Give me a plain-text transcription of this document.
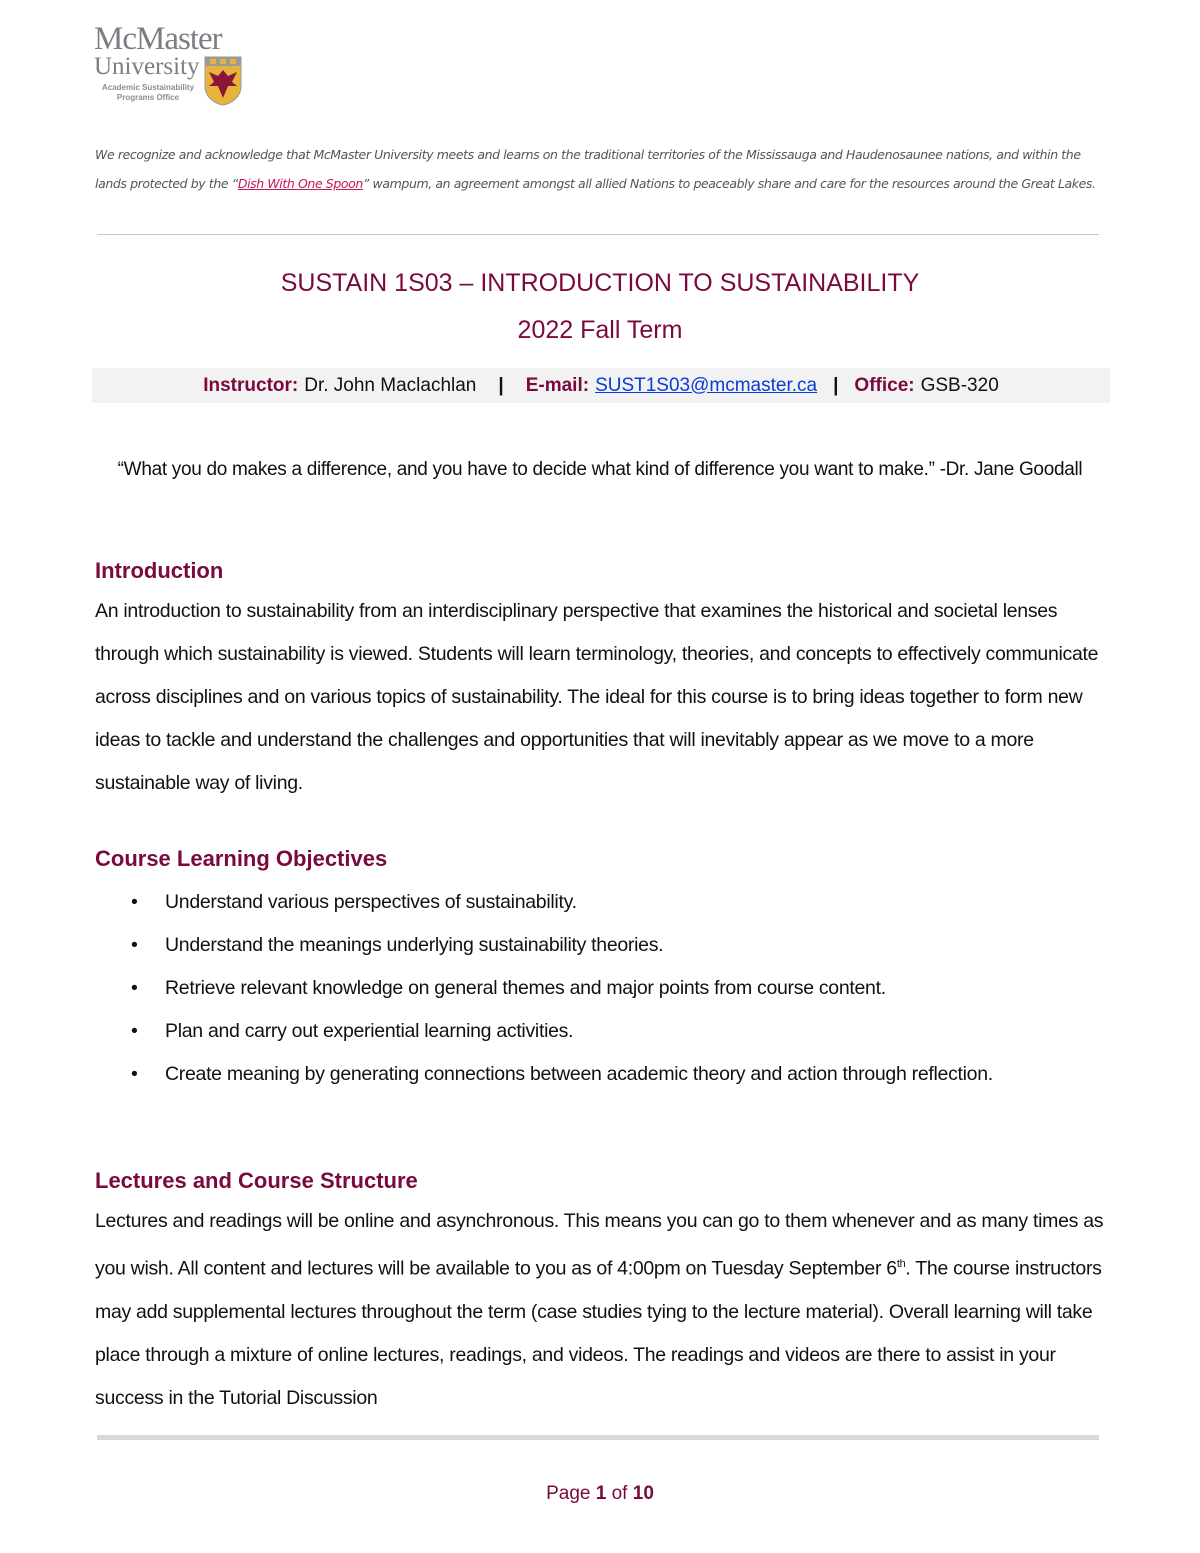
McMaster
University
Academic Sustainability
Programs Office
We recognize and acknowledge that McMaster University meets and learns on the traditional territories of the Mississauga and Haudenosaunee nations, and within the lands protected by the “Dish With One Spoon” wampum, an agreement amongst all allied Nations to peaceably share and care for the resources around the Great Lakes.
SUSTAIN 1S03 – INTRODUCTION TO SUSTAINABILITY
2022 Fall Term
Instructor: Dr. John Maclachlan | E-mail: SUST1S03@mcmaster.ca | Office: GSB-320
“What you do makes a difference, and you have to decide what kind of difference you want to make.” -Dr. Jane Goodall
Introduction
An introduction to sustainability from an interdisciplinary perspective that examines the historical and societal lenses through which sustainability is viewed. Students will learn terminology, theories, and concepts to effectively communicate across disciplines and on various topics of sustainability. The ideal for this course is to bring ideas together to form new ideas to tackle and understand the challenges and opportunities that will inevitably appear as we move to a more sustainable way of living.
Course Learning Objectives
• Understand various perspectives of sustainability.
• Understand the meanings underlying sustainability theories.
• Retrieve relevant knowledge on general themes and major points from course content.
• Plan and carry out experiential learning activities.
• Create meaning by generating connections between academic theory and action through reflection.
Lectures and Course Structure
Lectures and readings will be online and asynchronous. This means you can go to them whenever and as many times as you wish. All content and lectures will be available to you as of 4:00pm on Tuesday September 6th. The course instructors may add supplemental lectures throughout the term (case studies tying to the lecture material). Overall learning will take place through a mixture of online lectures, readings, and videos. The readings and videos are there to assist in your success in the Tutorial Discussion
Page 1 of 10
